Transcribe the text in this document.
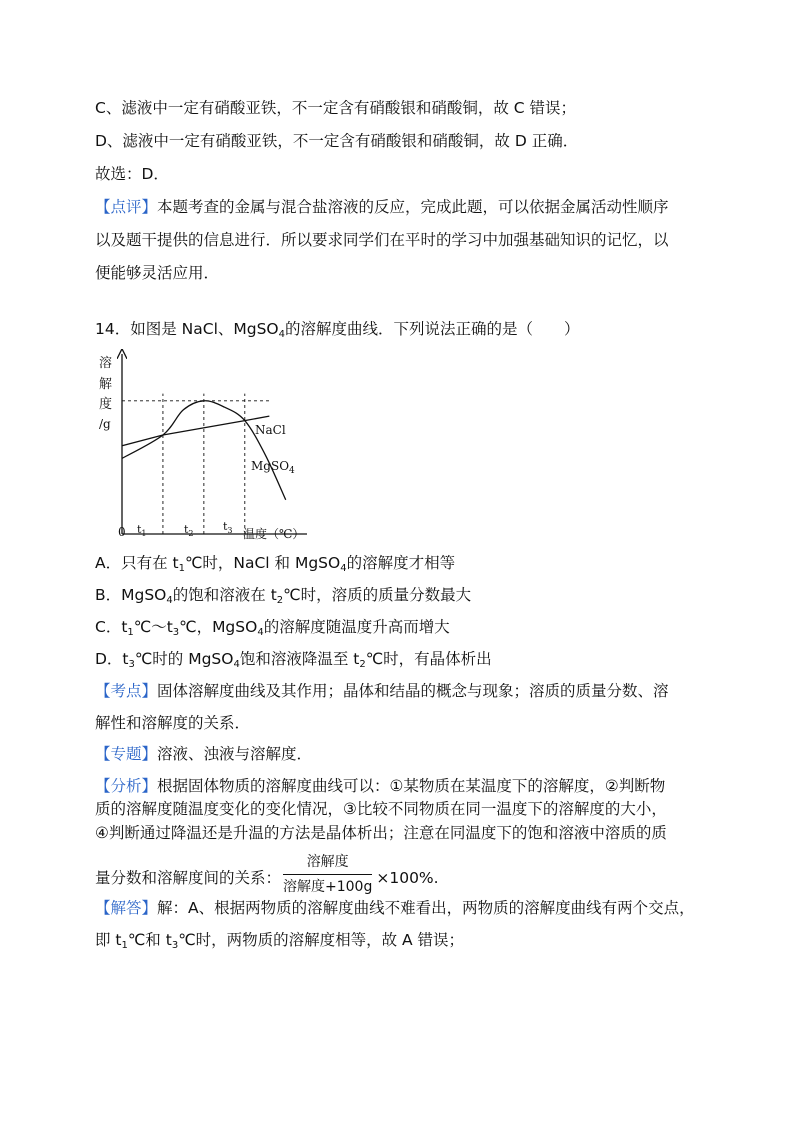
C、滤液中一定有硝酸亚铁，不一定含有硝酸银和硝酸铜，故 C 错误；
D、滤液中一定有硝酸亚铁，不一定含有硝酸银和硝酸铜，故 D 正确．
故选：D．
【点评】本题考查的金属与混合盐溶液的反应，完成此题，可以依据金属活动性顺序
以及题干提供的信息进行．所以要求同学们在平时的学习中加强基础知识的记忆，以
便能够灵活应用．
14．如图是 NaCl、MgSO$_4$的溶解度曲线．下列说法正确的是（　　）
溶
解
度
/g
0 $t_1$	$t_2$
$t_3$ 温度（℃）
NaCl
MgSO$_4$
A．只有在 $t_1℃$时，NaCl 和 MgSO$_4$的溶解度才相等
B．MgSO$_4$的饱和溶液在 $t_2℃$时，溶质的质量分数最大
C．$t_1℃\sim t_3℃$，MgSO$_4$的溶解度随温度升高而增大
D．$t_3℃$时的 MgSO$_4$饱和溶液降温至 $t_2℃$时，有晶体析出
【考点】固体溶解度曲线及其作用；晶体和结晶的概念与现象；溶质的质量分数、溶
解性和溶解度的关系．
【专题】溶液、浊液与溶解度．
【分析】根据固体物质的溶解度曲线可以：①某物质在某温度下的溶解度，②判断物
质的溶解度随温度变化的变化情况，③比较不同物质在同一温度下的溶解度的大小，
④判断通过降温还是升温的方法是晶体析出；注意在同温度下的饱和溶液中溶质的质
量分数和溶解度间的关系： $\frac{\text{溶解度}}{\text{溶解度+100g}} \times 100\%$.
【解答】解：A、根据两物质的溶解度曲线不难看出，两物质的溶解度曲线有两个交点，
即 $t_1℃$和 $t_3℃$时，两物质的溶解度相等，故 A 错误；
